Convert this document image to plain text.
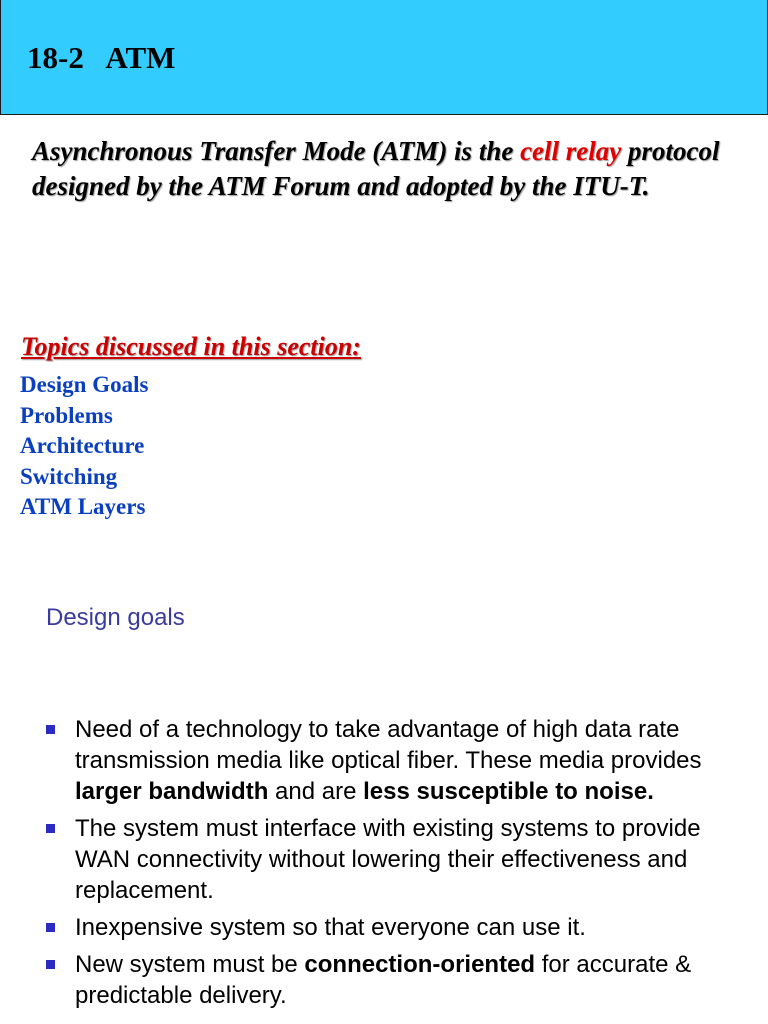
18-2   ATM
Asynchronous Transfer Mode (ATM) is the cell relay protocol designed by the ATM Forum and adopted by the ITU-T.
Topics discussed in this section:
Design Goals
Problems
Architecture
Switching
ATM Layers
Design goals
Need of a technology to take advantage of high data rate transmission media like optical fiber. These media provides larger bandwidth and are less susceptible to noise.
The system must interface with existing systems to provide WAN connectivity without lowering their effectiveness and replacement.
Inexpensive system so that everyone can use it.
New system must be connection-oriented for accurate & predictable delivery.
